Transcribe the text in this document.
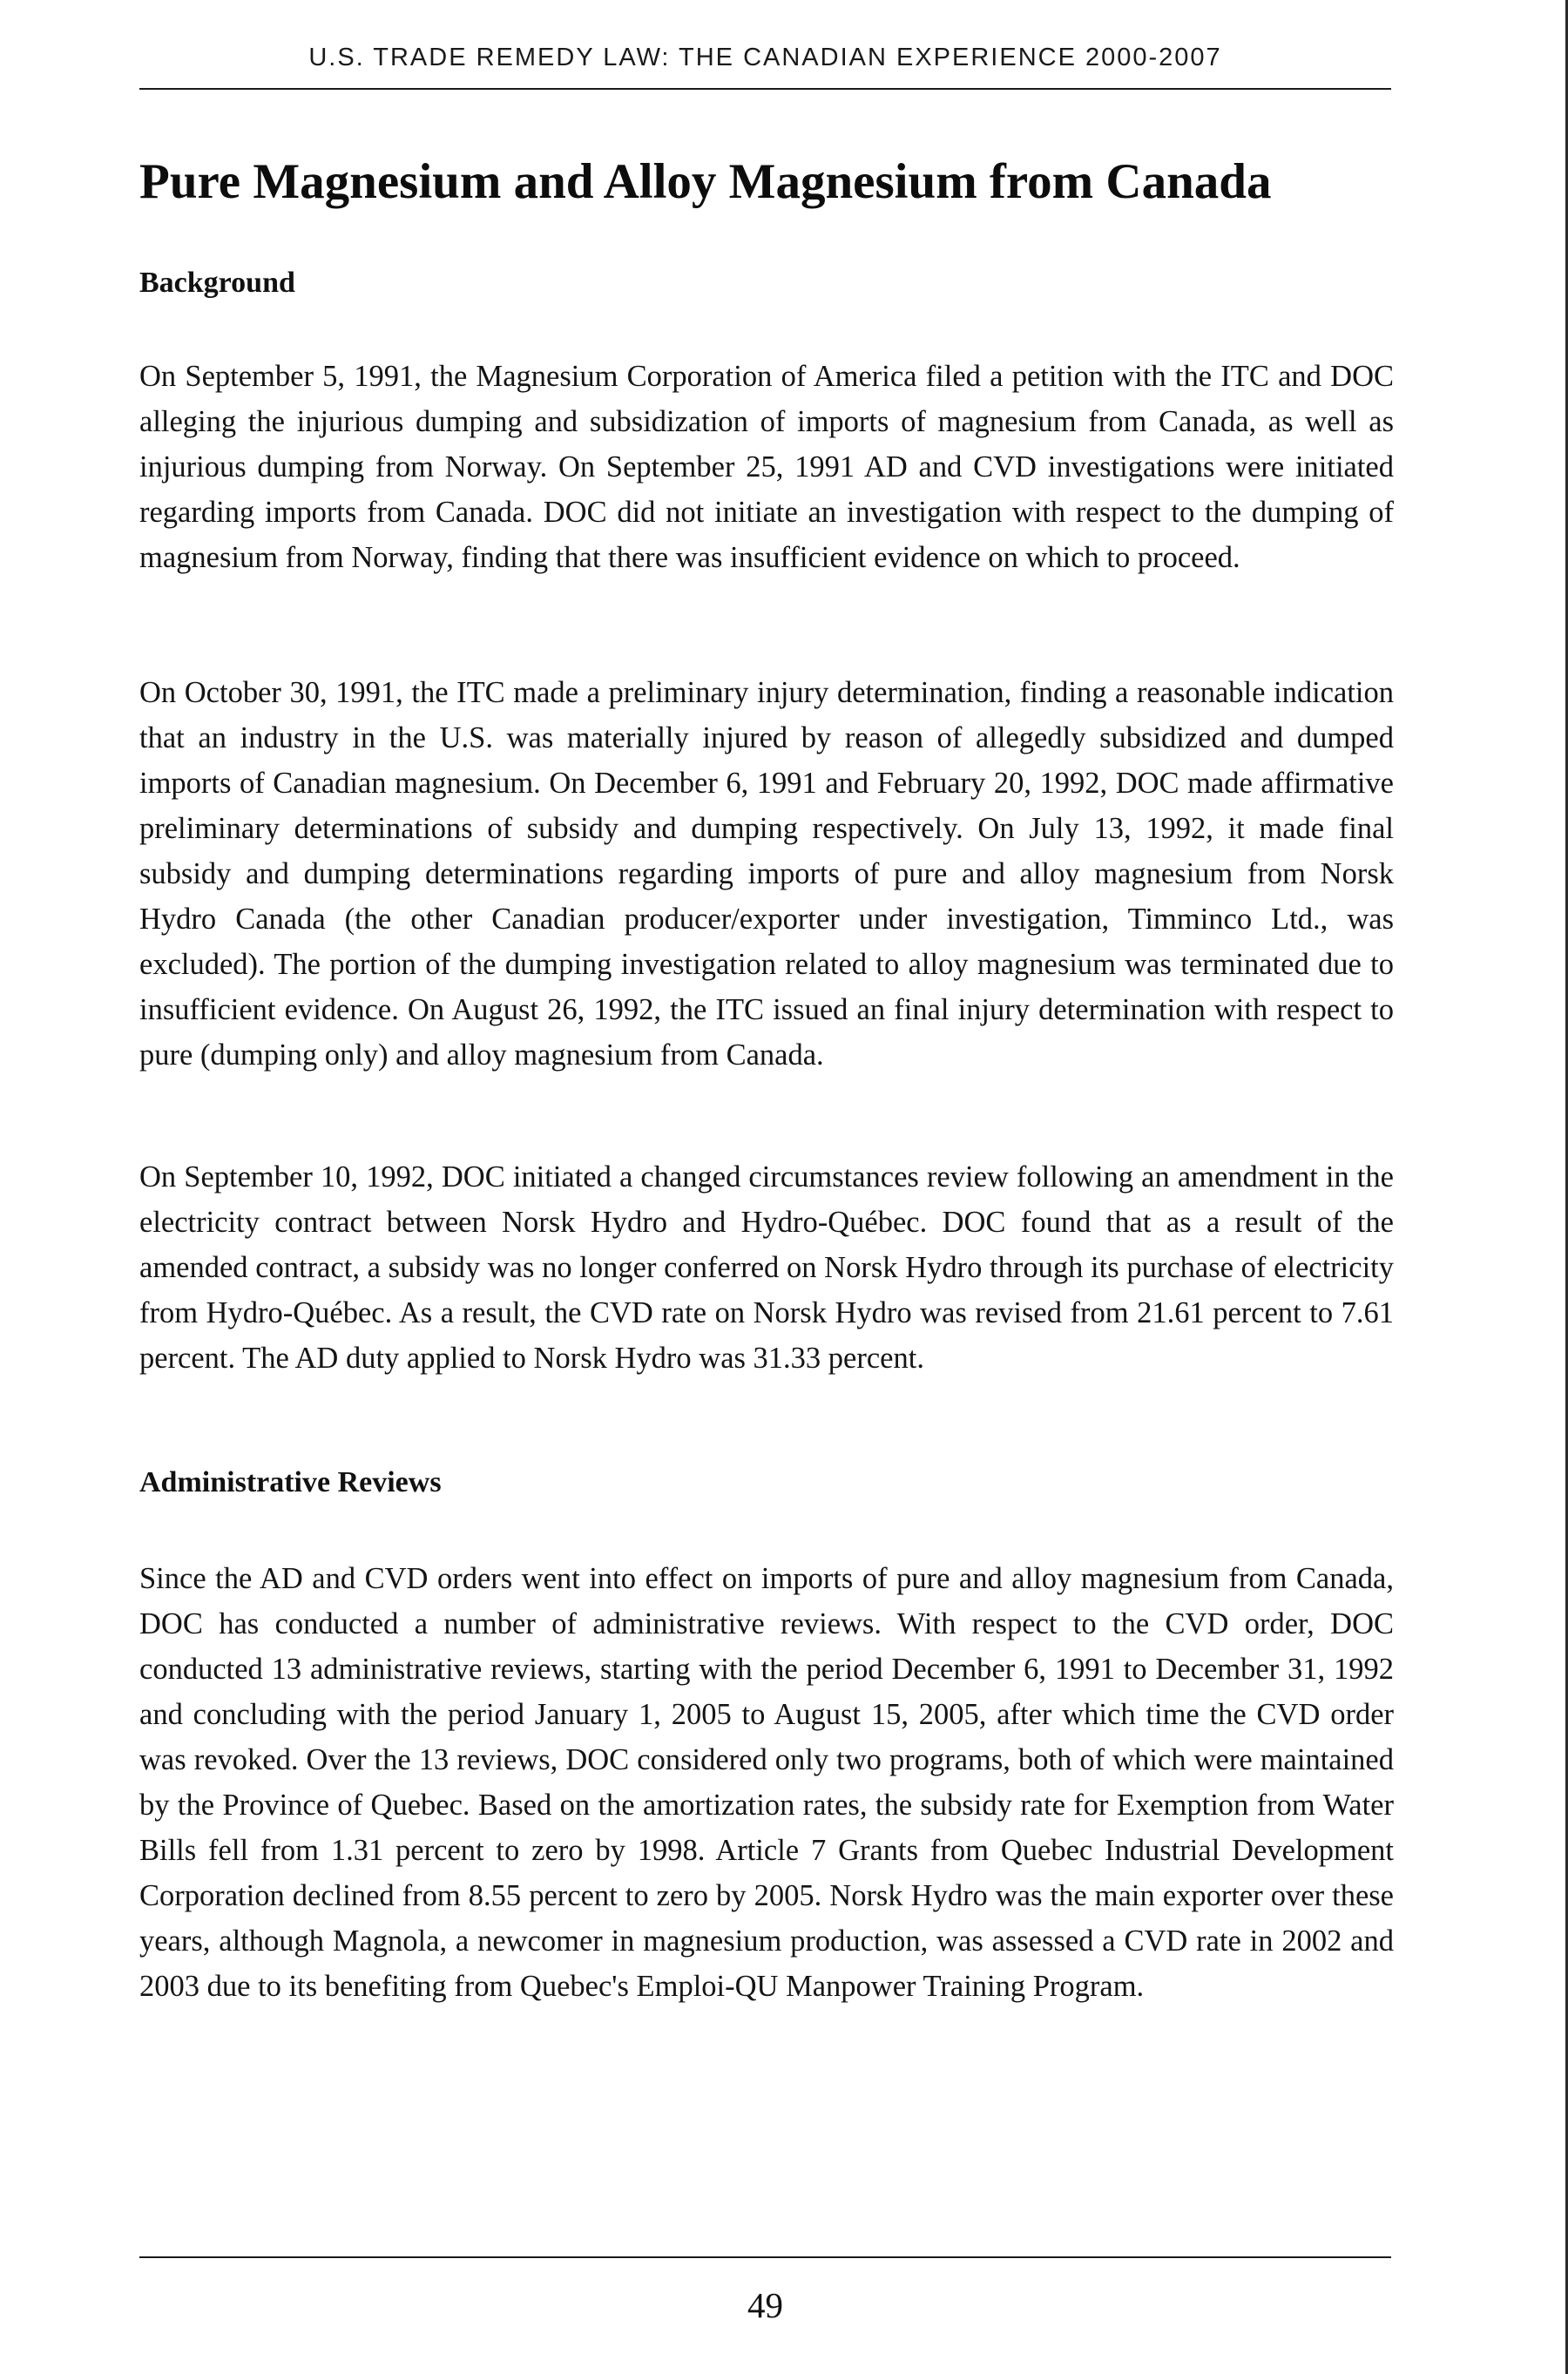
U.S. TRADE REMEDY LAW: THE CANADIAN EXPERIENCE 2000-2007
Pure Magnesium and Alloy Magnesium from Canada
Background

On September 5, 1991, the Magnesium Corporation of America filed a petition with the ITC and DOC alleging the injurious dumping and subsidization of imports of magnesium from Canada, as well as injurious dumping from Norway. On September 25, 1991 AD and CVD investigations were initiated regarding imports from Canada. DOC did not initiate an investigation with respect to the dumping of magnesium from Norway, finding that there was insufficient evidence on which to proceed.

On October 30, 1991, the ITC made a preliminary injury determination, finding a reasonable indication that an industry in the U.S. was materially injured by reason of allegedly subsidized and dumped imports of Canadian magnesium. On December 6, 1991 and February 20, 1992, DOC made affirmative preliminary determinations of subsidy and dumping respectively. On July 13, 1992, it made final subsidy and dumping determinations regarding imports of pure and alloy magnesium from Norsk Hydro Canada (the other Canadian producer/exporter under investigation, Timminco Ltd., was excluded). The portion of the dumping investigation related to alloy magnesium was terminated due to insufficient evidence. On August 26, 1992, the ITC issued an final injury determination with respect to pure (dumping only) and alloy magnesium from Canada.

On September 10, 1992, DOC initiated a changed circumstances review following an amendment in the electricity contract between Norsk Hydro and Hydro-Québec. DOC found that as a result of the amended contract, a subsidy was no longer conferred on Norsk Hydro through its purchase of electricity from Hydro-Québec. As a result, the CVD rate on Norsk Hydro was revised from 21.61 percent to 7.61 percent. The AD duty applied to Norsk Hydro was 31.33 percent.

Administrative Reviews

Since the AD and CVD orders went into effect on imports of pure and alloy magnesium from Canada, DOC has conducted a number of administrative reviews. With respect to the CVD order, DOC conducted 13 administrative reviews, starting with the period December 6, 1991 to December 31, 1992 and concluding with the period January 1, 2005 to August 15, 2005, after which time the CVD order was revoked. Over the 13 reviews, DOC considered only two programs, both of which were maintained by the Province of Quebec. Based on the amortization rates, the subsidy rate for Exemption from Water Bills fell from 1.31 percent to zero by 1998. Article 7 Grants from Quebec Industrial Development Corporation declined from 8.55 percent to zero by 2005. Norsk Hydro was the main exporter over these years, although Magnola, a newcomer in magnesium production, was assessed a CVD rate in 2002 and 2003 due to its benefiting from Quebec's Emploi-QU Manpower Training Program.

49
